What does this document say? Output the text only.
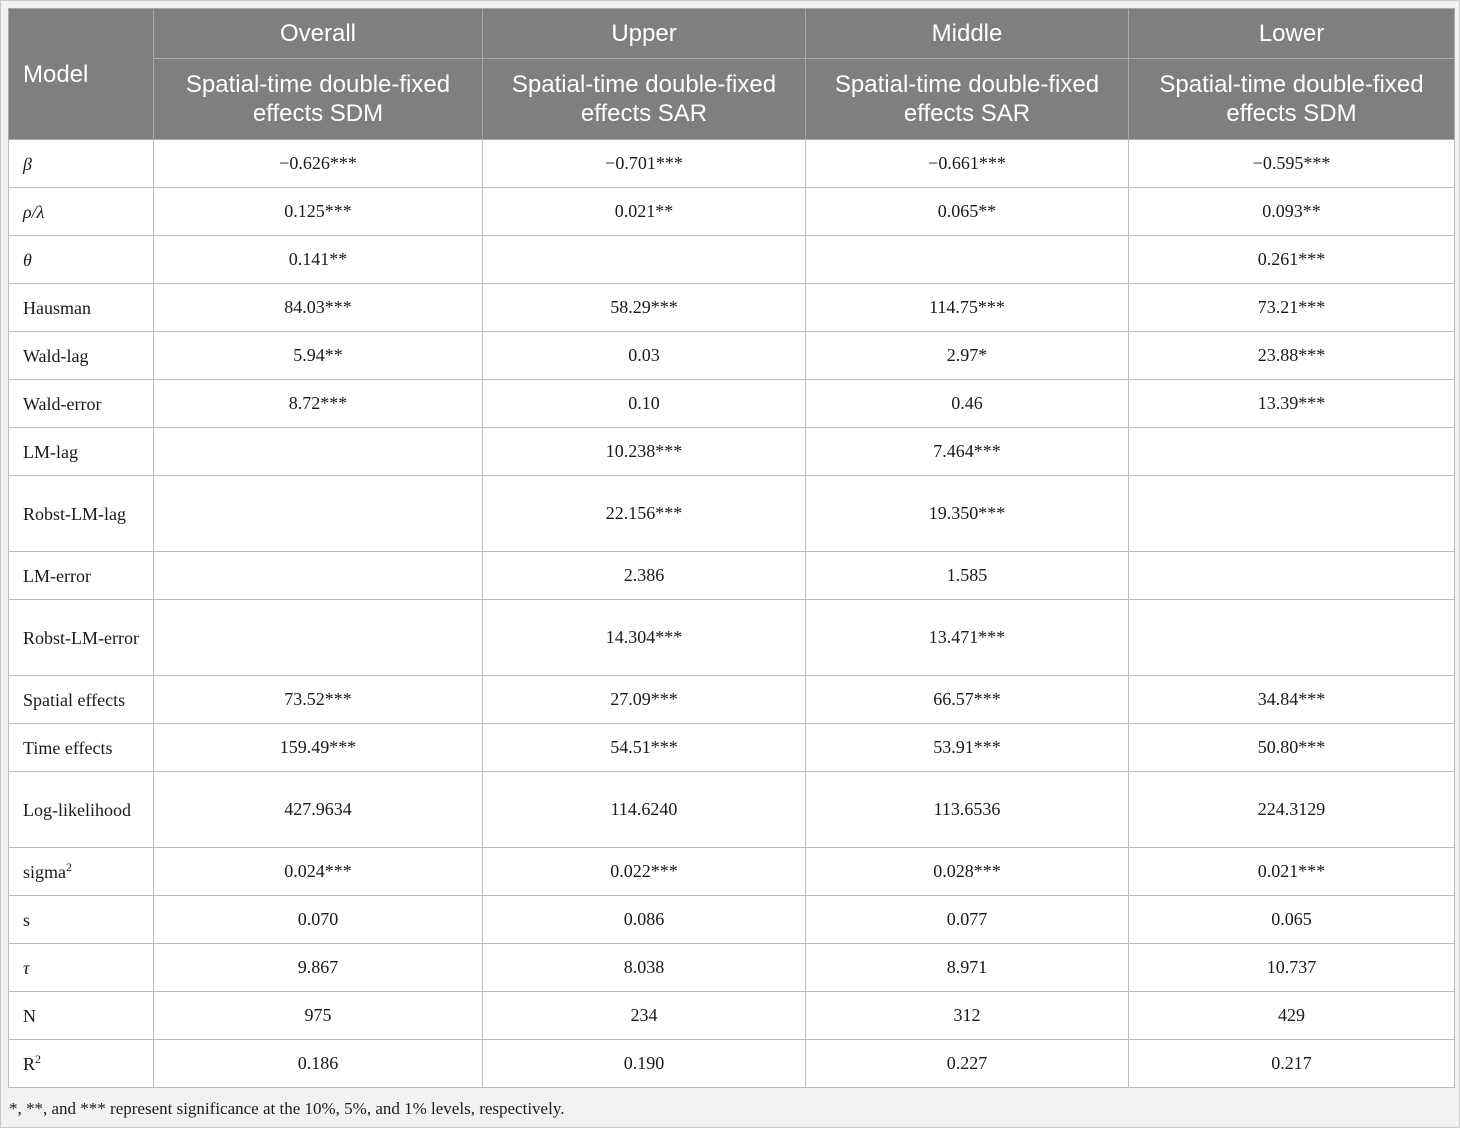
Model	Overall	Upper	Middle	Lower
	Spatial-time double-fixed effects SDM	Spatial-time double-fixed effects SAR	Spatial-time double-fixed effects SAR	Spatial-time double-fixed effects SDM
β	−0.626***	−0.701***	−0.661***	−0.595***
ρ/λ	0.125***	0.021**	0.065**	0.093**
θ	0.141**			0.261***
Hausman	84.03***	58.29***	114.75***	73.21***
Wald-lag	5.94**	0.03	2.97*	23.88***
Wald-error	8.72***	0.10	0.46	13.39***
LM-lag		10.238***	7.464***	
Robst-LM-lag		22.156***	19.350***	
LM-error		2.386	1.585	
Robst-LM-error		14.304***	13.471***	
Spatial effects	73.52***	27.09***	66.57***	34.84***
Time effects	159.49***	54.51***	53.91***	50.80***
Log-likelihood	427.9634	114.6240	113.6536	224.3129
sigma$^2$	0.024***	0.022***	0.028***	0.021***
s	0.070	0.086	0.077	0.065
τ	9.867	8.038	8.971	10.737
N	975	234	312	429
$R^2$	0.186	0.190	0.227	0.217
*, **, and *** represent significance at the 10%, 5%, and 1% levels, respectively.
